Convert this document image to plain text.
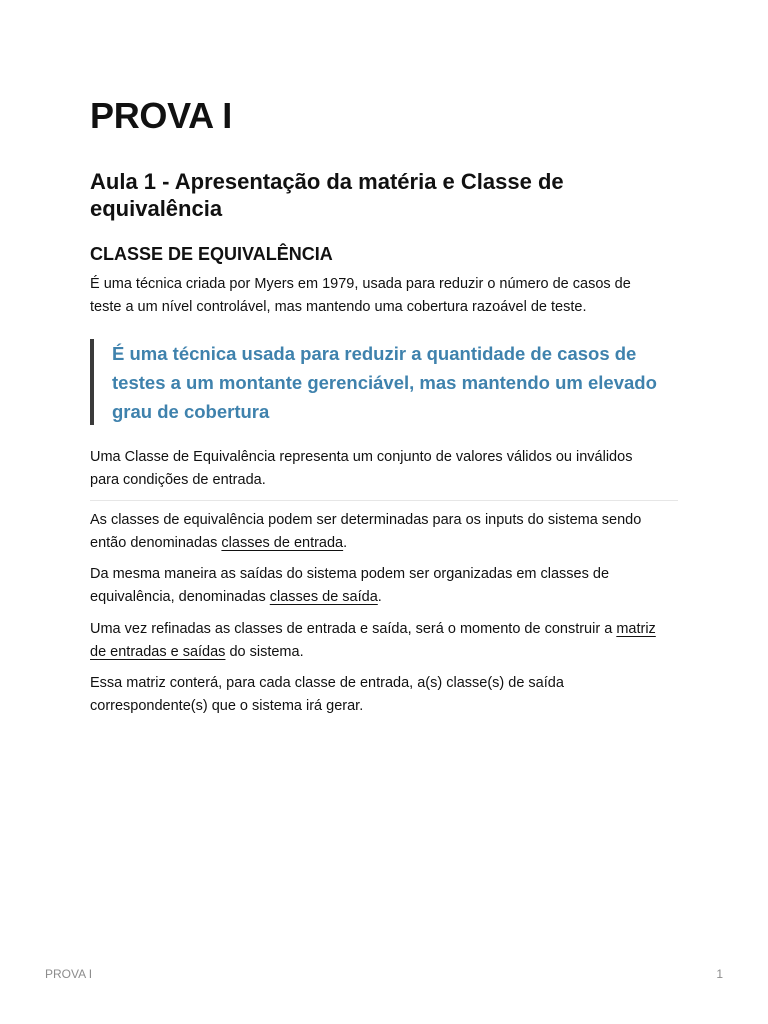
PROVA I
Aula 1 - Apresentação da matéria e Classe de equivalência
CLASSE DE EQUIVALÊNCIA

É uma técnica criada por Myers em 1979, usada para reduzir o número de casos de teste a um nível controlável, mas mantendo uma cobertura razoável de teste.

É uma técnica usada para reduzir a quantidade de casos de testes a um montante gerenciável, mas mantendo um elevado grau de cobertura

Uma Classe de Equivalência representa um conjunto de valores válidos ou inválidos para condições de entrada.

As classes de equivalência podem ser determinadas para os inputs do sistema sendo então denominadas classes de entrada.

Da mesma maneira as saídas do sistema podem ser organizadas em classes de equivalência, denominadas classes de saída.

Uma vez refinadas as classes de entrada e saída, será o momento de construir a matriz de entradas e saídas do sistema.

Essa matriz conterá, para cada classe de entrada, a(s) classe(s) de saída correspondente(s) que o sistema irá gerar.

PROVA I	1
